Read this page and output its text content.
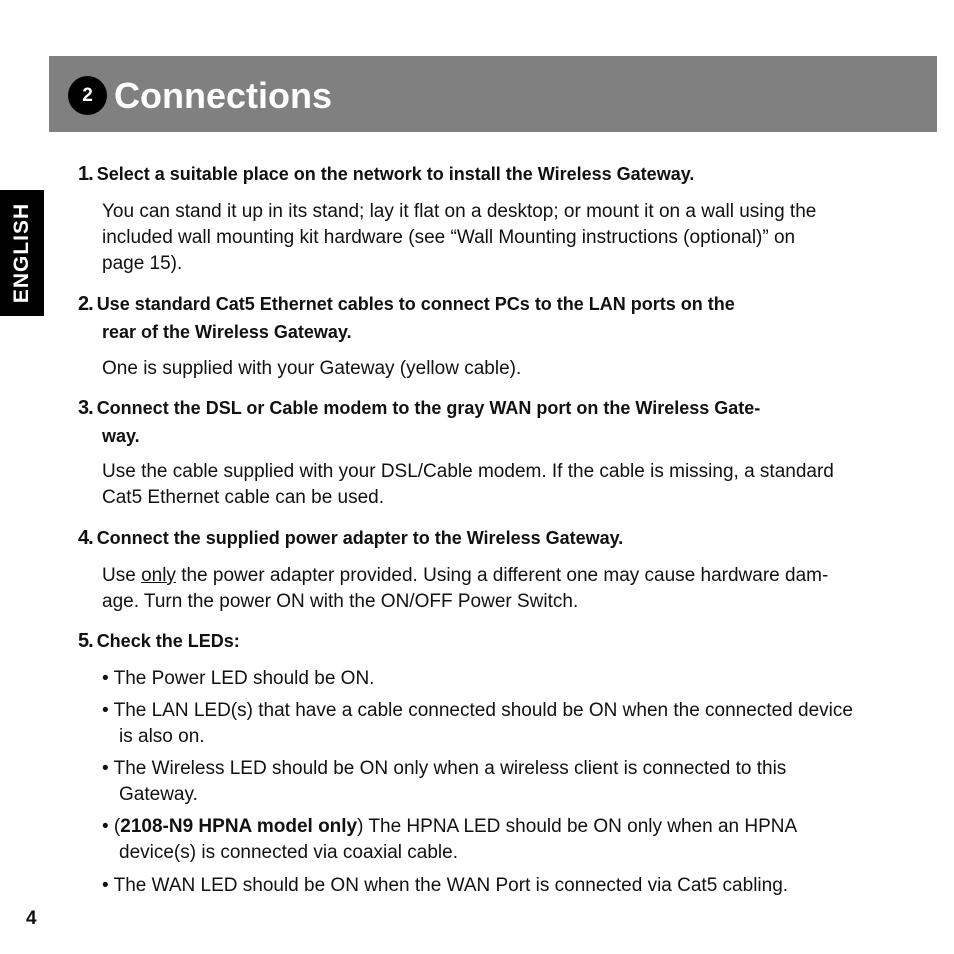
2 Connections
ENGLISH

1. Select a suitable place on the network to install the Wireless Gateway.

You can stand it up in its stand; lay it flat on a desktop; or mount it on a wall using the
included wall mounting kit hardware (see “Wall Mounting instructions (optional)” on
page 15).

2. Use standard Cat5 Ethernet cables to connect PCs to the LAN ports on the
rear of the Wireless Gateway.

One is supplied with your Gateway (yellow cable).

3. Connect the DSL or Cable modem to the gray WAN port on the Wireless Gate-
way.

Use the cable supplied with your DSL/Cable modem. If the cable is missing, a standard
Cat5 Ethernet cable can be used.

4. Connect the supplied power adapter to the Wireless Gateway.

Use only the power adapter provided. Using a different one may cause hardware dam-
age. Turn the power ON with the ON/OFF Power Switch.

5. Check the LEDs:

• The Power LED should be ON.

• The LAN LED(s) that have a cable connected should be ON when the connected device
is also on.

• The Wireless LED should be ON only when a wireless client is connected to this
Gateway.

• (2108-N9 HPNA model only) The HPNA LED should be ON only when an HPNA
device(s) is connected via coaxial cable.

• The WAN LED should be ON when the WAN Port is connected via Cat5 cabling.

4
